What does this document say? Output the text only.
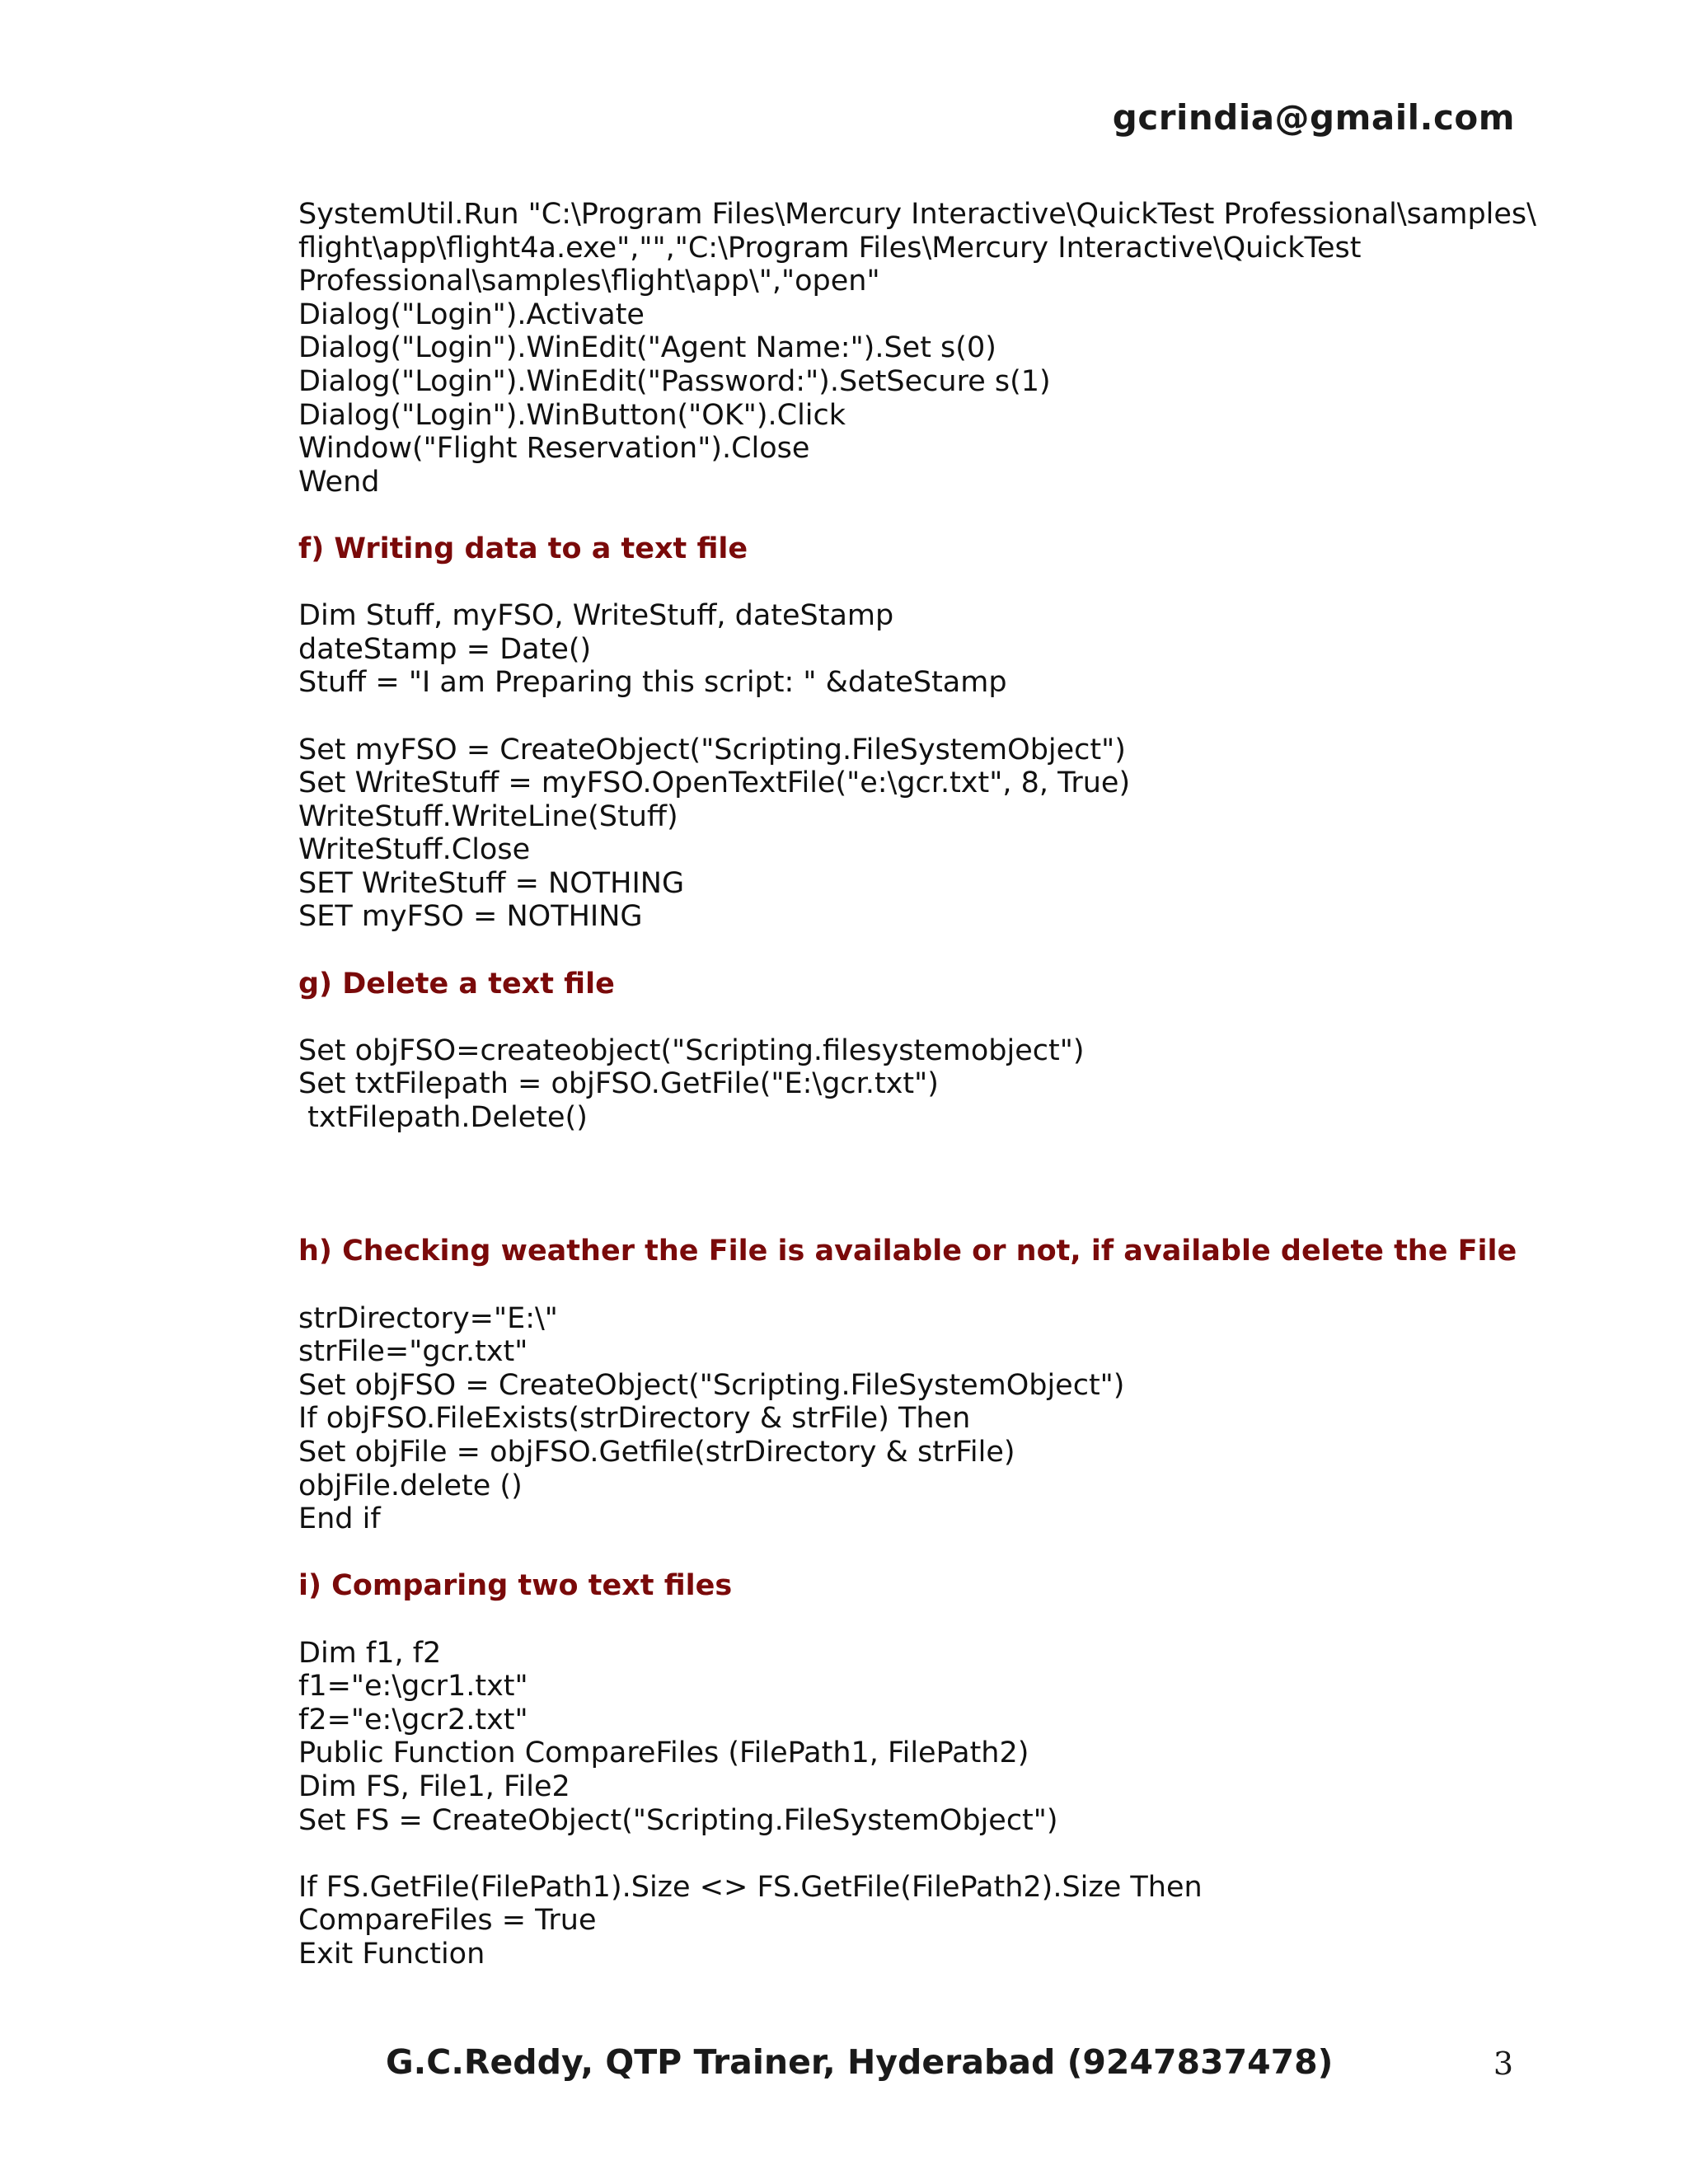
gcrindia@gmail.com
SystemUtil.Run "C:\Program Files\Mercury Interactive\QuickTest Professional\samples\
flight\app\flight4a.exe","","C:\Program Files\Mercury Interactive\QuickTest
Professional\samples\flight\app\","open"
Dialog("Login").Activate
Dialog("Login").WinEdit("Agent Name:").Set s(0)
Dialog("Login").WinEdit("Password:").SetSecure s(1)
Dialog("Login").WinButton("OK").Click
Window("Flight Reservation").Close
Wend
f) Writing data to a text file
Dim Stuff, myFSO, WriteStuff, dateStamp
dateStamp = Date()
Stuff = "I am Preparing this script: " &dateStamp
Set myFSO = CreateObject("Scripting.FileSystemObject")
Set WriteStuff = myFSO.OpenTextFile("e:\gcr.txt", 8, True)
WriteStuff.WriteLine(Stuff)
WriteStuff.Close
SET WriteStuff = NOTHING
SET myFSO = NOTHING
g) Delete a text file
Set objFSO=createobject("Scripting.filesystemobject")
Set txtFilepath = objFSO.GetFile("E:\gcr.txt")
txtFilepath.Delete()
h) Checking weather the File is available or not, if available delete the File
strDirectory="E:\"
strFile="gcr.txt"
Set objFSO = CreateObject("Scripting.FileSystemObject")
If objFSO.FileExists(strDirectory & strFile) Then
Set objFile = objFSO.Getfile(strDirectory & strFile)
objFile.delete ()
End if
i) Comparing two text files
Dim f1, f2
f1="e:\gcr1.txt"
f2="e:\gcr2.txt"
Public Function CompareFiles (FilePath1, FilePath2)
Dim FS, File1, File2
Set FS = CreateObject("Scripting.FileSystemObject")
If FS.GetFile(FilePath1).Size <> FS.GetFile(FilePath2).Size Then
CompareFiles = True
Exit Function
G.C.Reddy, QTP Trainer, Hyderabad (9247837478)	3
